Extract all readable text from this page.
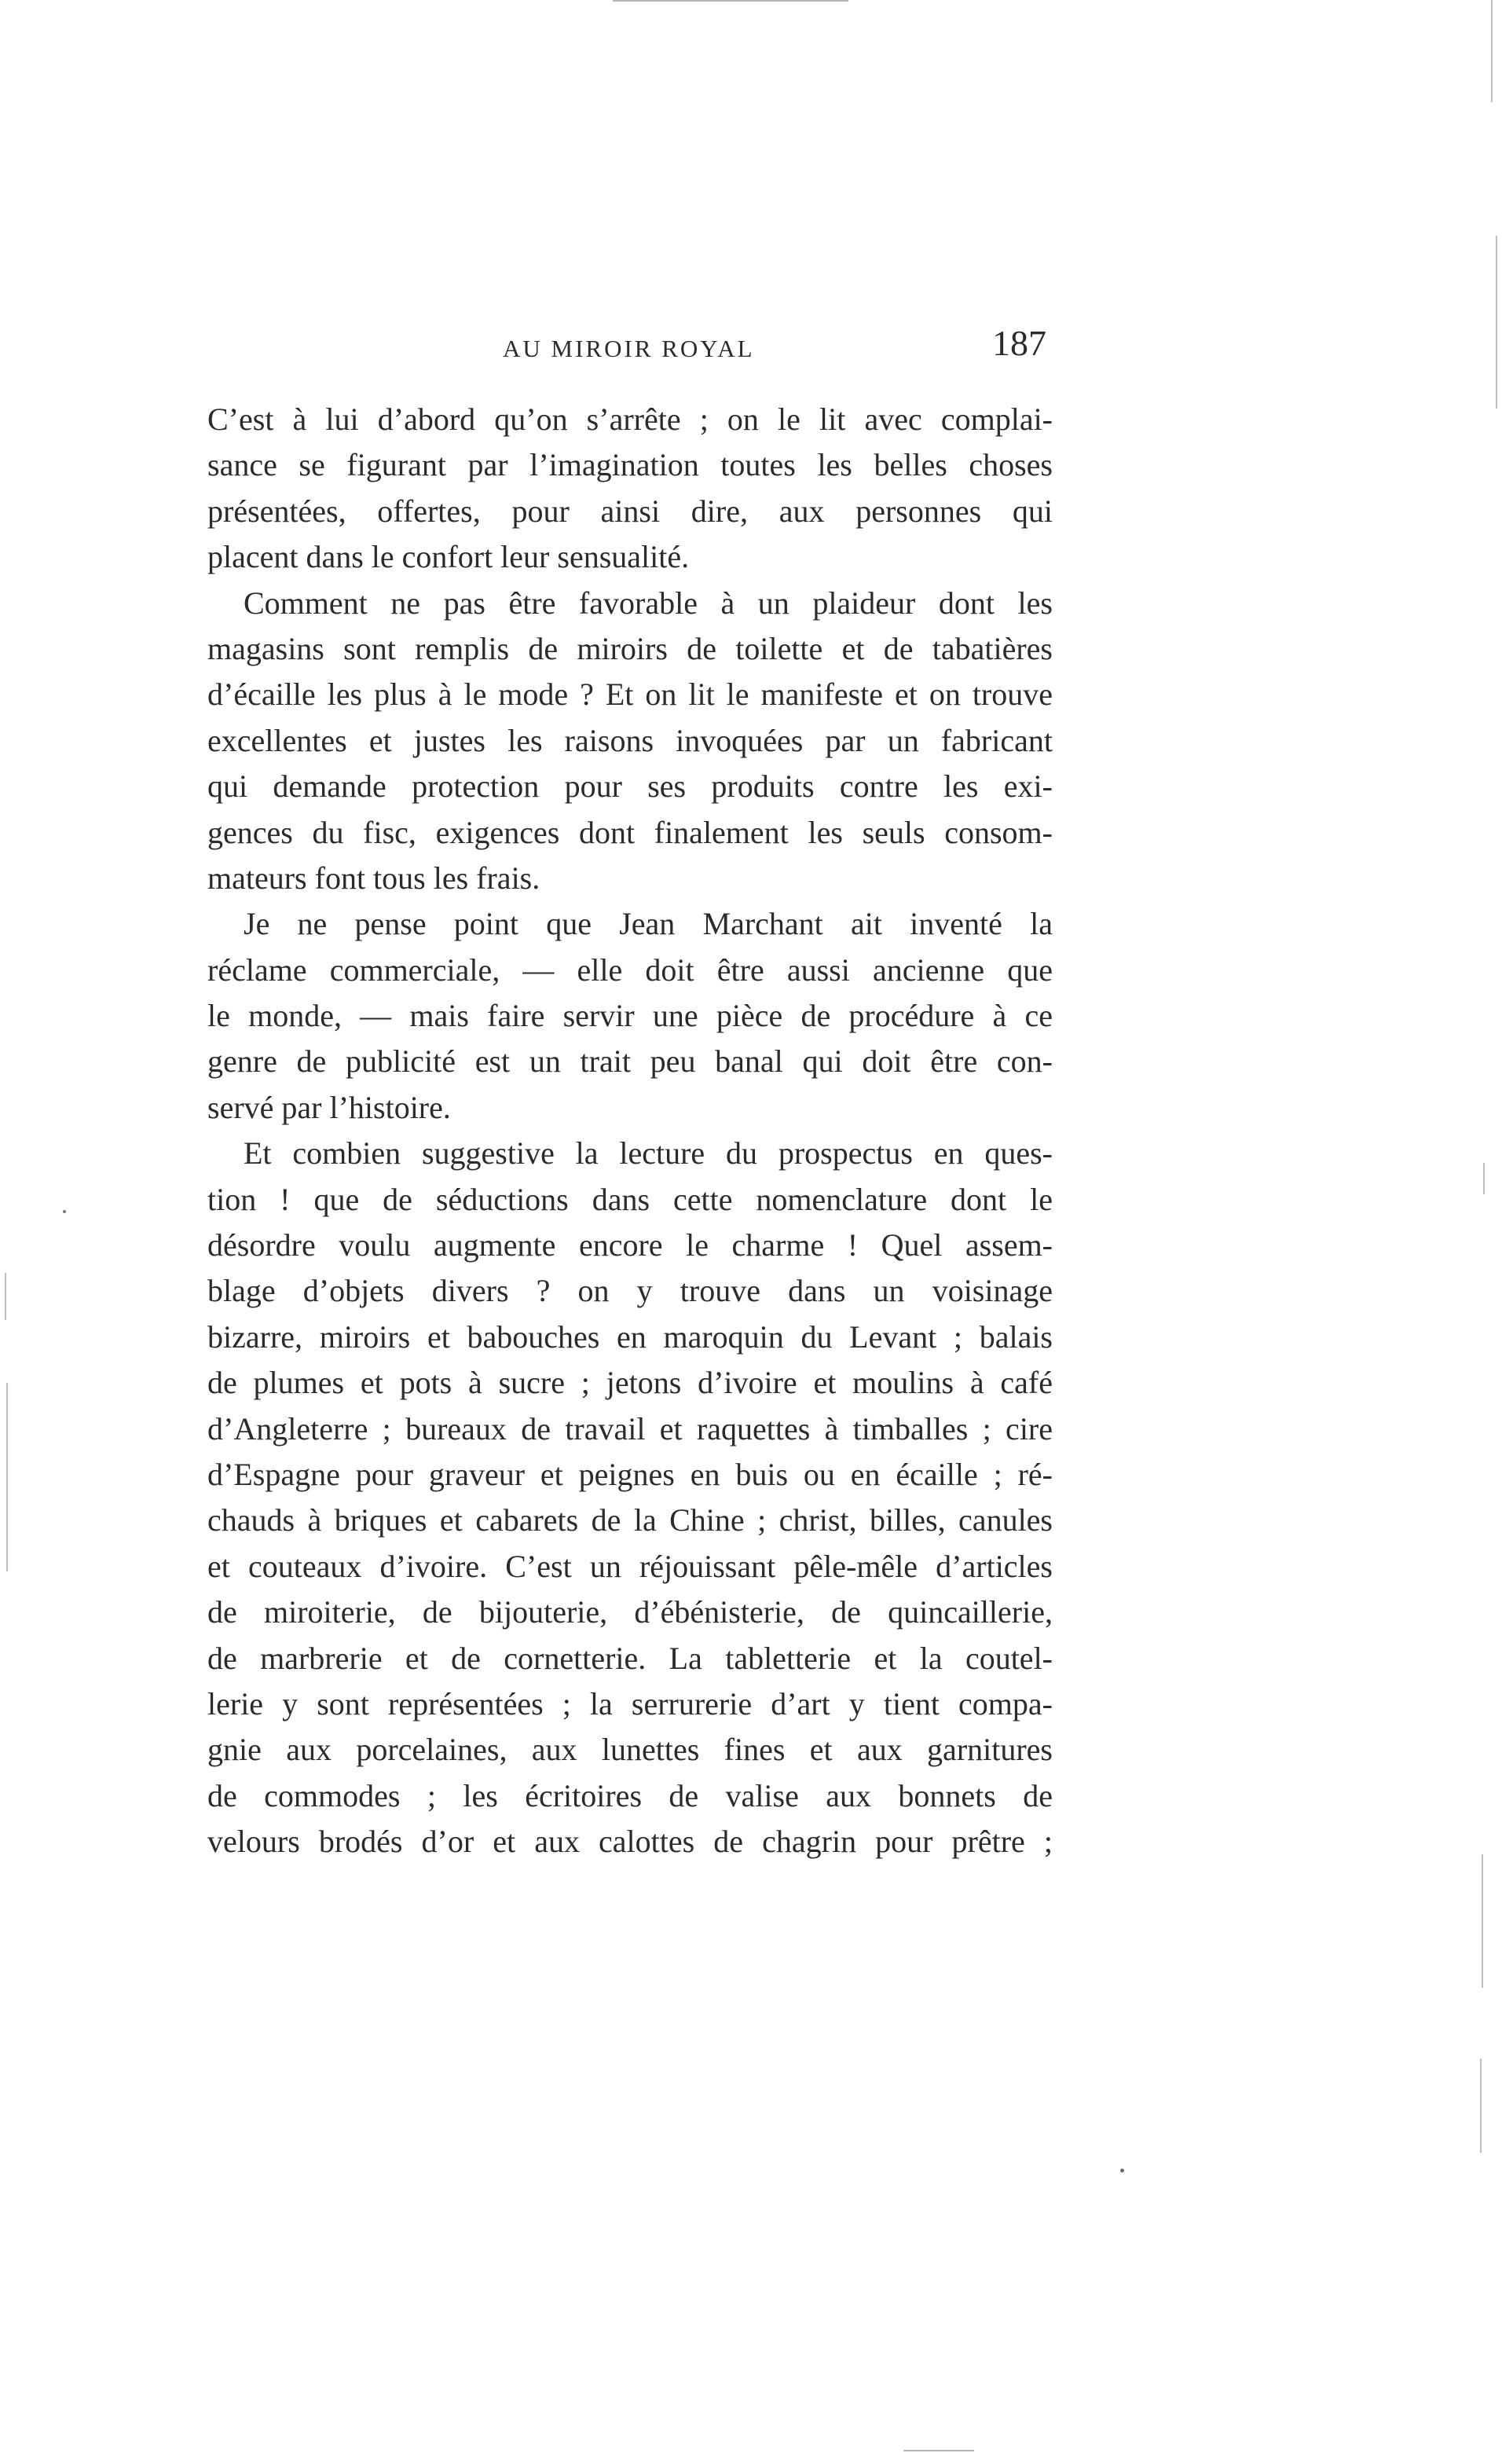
AU MIROIR ROYAL	187
C’est à lui d’abord qu’on s’arrête ; on le lit avec complai-
sance se figurant par l’imagination toutes les belles choses
présentées, offertes, pour ainsi dire, aux personnes qui
placent dans le confort leur sensualité.
Comment ne pas être favorable à un plaideur dont les
magasins sont remplis de miroirs de toilette et de tabatières
d’écaille les plus à le mode ? Et on lit le manifeste et on trouve
excellentes et justes les raisons invoquées par un fabricant
qui demande protection pour ses produits contre les exi-
gences du fisc, exigences dont finalement les seuls consom-
mateurs font tous les frais.
Je ne pense point que Jean Marchant ait inventé la
réclame commerciale, — elle doit être aussi ancienne que
le monde, — mais faire servir une pièce de procédure à ce
genre de publicité est un trait peu banal qui doit être con-
servé par l’histoire.
Et combien suggestive la lecture du prospectus en ques-
tion ! que de séductions dans cette nomenclature dont le
désordre voulu augmente encore le charme ! Quel assem-
blage d’objets divers ? on y trouve dans un voisinage
bizarre, miroirs et babouches en maroquin du Levant ; balais
de plumes et pots à sucre ; jetons d’ivoire et moulins à café
d’Angleterre ; bureaux de travail et raquettes à timballes ; cire
d’Espagne pour graveur et peignes en buis ou en écaille ; ré-
chauds à briques et cabarets de la Chine ; christ, billes, canules
et couteaux d’ivoire. C’est un réjouissant pêle-mêle d’articles
de miroiterie, de bijouterie, d’ébénisterie, de quincaillerie,
de marbrerie et de cornetterie. La tabletterie et la coutel-
lerie y sont représentées ; la serrurerie d’art y tient compa-
gnie aux porcelaines, aux lunettes fines et aux garnitures
de commodes ; les écritoires de valise aux bonnets de
velours brodés d’or et aux calottes de chagrin pour prêtre ;
